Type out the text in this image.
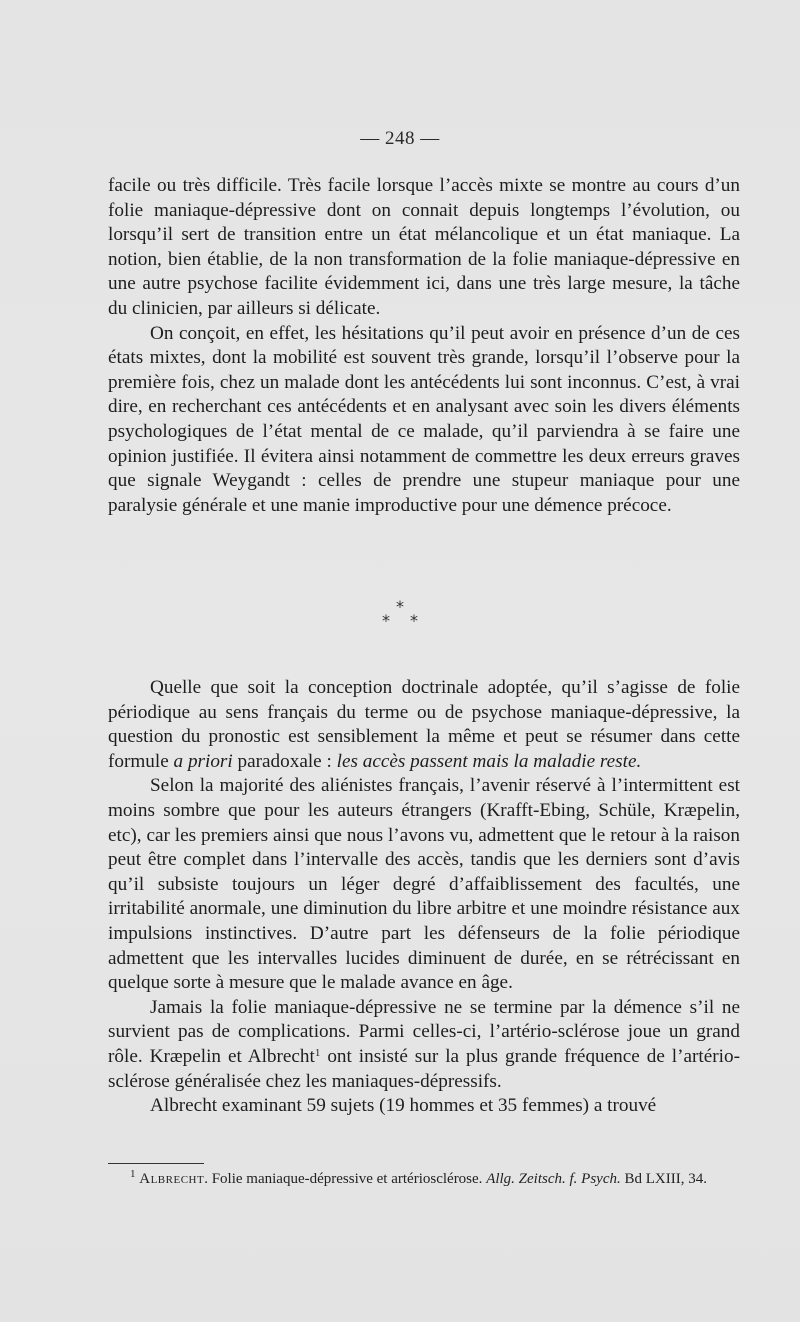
— 248 —

facile ou très difficile. Très facile lorsque l’accès mixte se montre au cours d’un folie maniaque-dépressive dont on connait depuis longtemps l’évolution, ou lorsqu’il sert de transition entre un état mélancolique et un état maniaque. La notion, bien établie, de la non transformation de la folie maniaque-dépressive en une autre psychose facilite évidemment ici, dans une très large mesure, la tâche du clinicien, par ailleurs si délicate.

On conçoit, en effet, les hésitations qu’il peut avoir en présence d’un de ces états mixtes, dont la mobilité est souvent très grande, lorsqu’il l’observe pour la première fois, chez un malade dont les antécédents lui sont inconnus. C’est, à vrai dire, en recherchant ces antécédents et en analysant avec soin les divers éléments psychologiques de l’état mental de ce malade, qu’il parviendra à se faire une opinion justifiée. Il évitera ainsi notamment de commettre les deux erreurs graves que signale Weygandt : celles de prendre une stupeur maniaque pour une paralysie générale et une manie improductive pour une démence précoce.

*
* *

Quelle que soit la conception doctrinale adoptée, qu’il s’agisse de folie périodique au sens français du terme ou de psychose maniaque-dépressive, la question du pronostic est sensiblement la même et peut se résumer dans cette formule a priori paradoxale : les accès passent mais la maladie reste.

Selon la majorité des aliénistes français, l’avenir réservé à l’intermittent est moins sombre que pour les auteurs étrangers (Krafft-Ebing, Schüle, Kræpelin, etc), car les premiers ainsi que nous l’avons vu, admettent que le retour à la raison peut être complet dans l’intervalle des accès, tandis que les derniers sont d’avis qu’il subsiste toujours un léger degré d’affaiblissement des facultés, une irritabilité anormale, une diminution du libre arbitre et une moindre résistance aux impulsions instinctives. D’autre part les défenseurs de la folie périodique admettent que les intervalles lucides diminuent de durée, en se rétrécissant en quelque sorte à mesure que le malade avance en âge.

Jamais la folie maniaque-dépressive ne se termine par la démence s’il ne survient pas de complications. Parmi celles-ci, l’artério-sclérose joue un grand rôle. Kræpelin et Albrecht$^1$ ont insisté sur la plus grande fréquence de l’artério-sclérose généralisée chez les maniaques-dépressifs.

Albrecht examinant 59 sujets (19 hommes et 35 femmes) a trouvé

$^1$ Albrecht. Folie maniaque-dépressive et artériosclérose. Allg. Zeitsch. f. Psych. Bd LXIII, 34.
